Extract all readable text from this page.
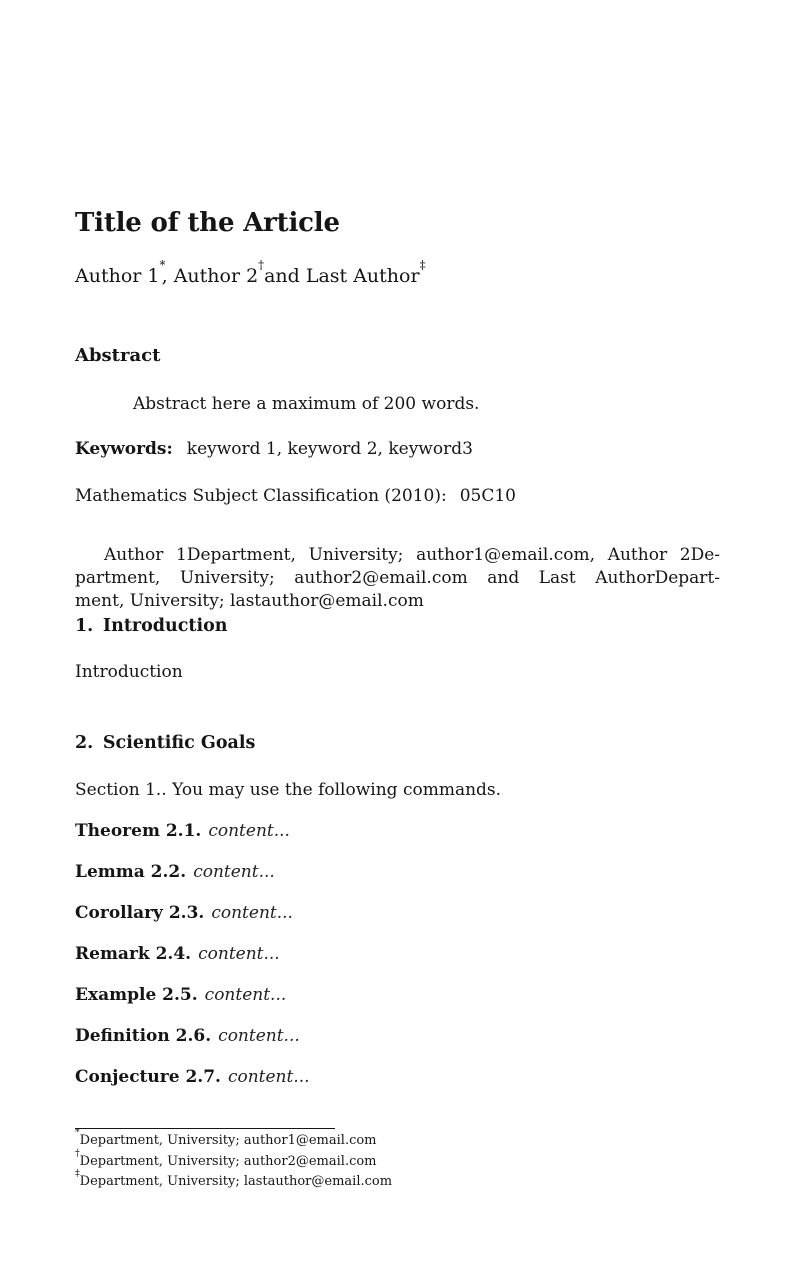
Title of the Article
Author 1*, Author 2†and Last Author‡
Abstract
Abstract here a maximum of 200 words.
Keywords: keyword 1, keyword 2, keyword3
Mathematics Subject Classification (2010): 05C10
Author 1Department, University; author1@email.com, Author 2De-
partment, University; author2@email.com and Last AuthorDepart-
ment, University; lastauthor@email.com
1. Introduction
Introduction
2. Scientific Goals
Section 1.. You may use the following commands.
Theorem 2.1. content...
Lemma 2.2. content...
Corollary 2.3. content...
Remark 2.4. content...
Example 2.5. content...
Definition 2.6. content...
Conjecture 2.7. content...
*Department, University; author1@email.com
†Department, University; author2@email.com
‡Department, University; lastauthor@email.com
